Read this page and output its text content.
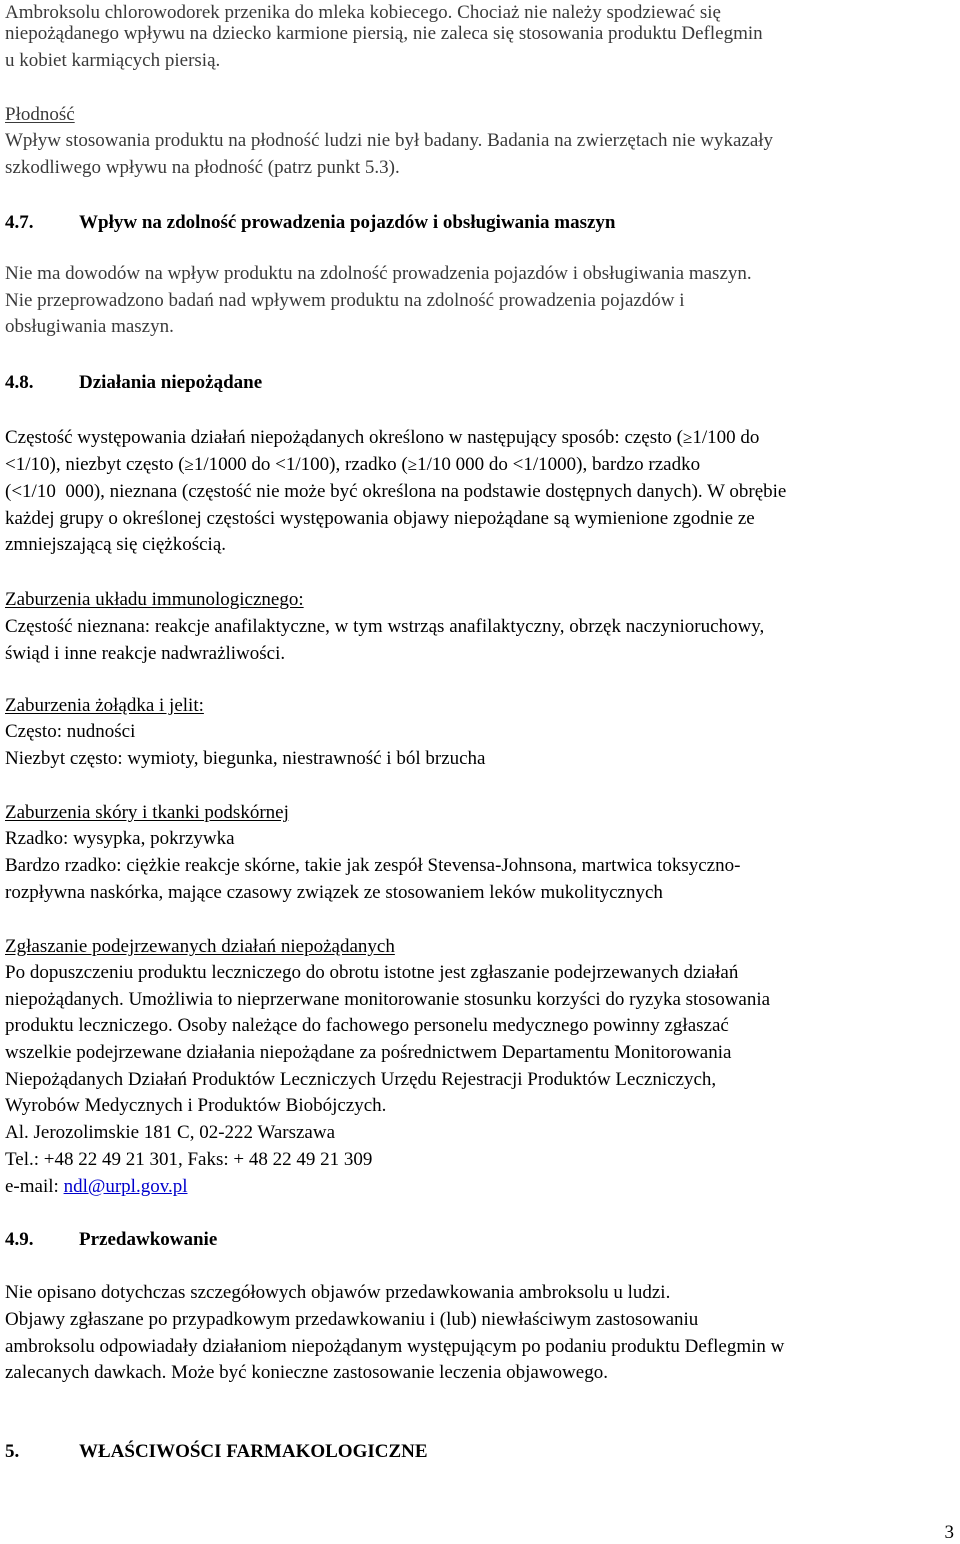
Ambroksolu chlorowodorek przenika do mleka kobiecego. Chociaż nie należy spodziewać się

niepożądanego wpływu na dziecko karmione piersią, nie zaleca się stosowania produktu Deflegmin

u kobiet karmiących piersią.

Płodność

Wpływ stosowania produktu na płodność ludzi nie był badany. Badania na zwierzętach nie wykazały

szkodliwego wpływu na płodność (patrz punkt 5.3).

4.7. Wpływ na zdolność prowadzenia pojazdów i obsługiwania maszyn

Nie ma dowodów na wpływ produktu na zdolność prowadzenia pojazdów i obsługiwania maszyn.

Nie przeprowadzono badań nad wpływem produktu na zdolność prowadzenia pojazdów i

obsługiwania maszyn.

4.8. Działania niepożądane

Częstość występowania działań niepożądanych określono w następujący sposób: często (≥1/100 do

<1/10), niezbyt często (≥1/1000 do <1/100), rzadko (≥1/10 000 do <1/1000), bardzo rzadko

(<1/10  000), nieznana (częstość nie może być określona na podstawie dostępnych danych). W obrębie

każdej grupy o określonej częstości występowania objawy niepożądane są wymienione zgodnie ze

zmniejszającą się ciężkością.

Zaburzenia układu immunologicznego:

Częstość nieznana: reakcje anafilaktyczne, w tym wstrząs anafilaktyczny, obrzęk naczynioruchowy,

świąd i inne reakcje nadwrażliwości.

Zaburzenia żołądka i jelit:

Często: nudności

Niezbyt często: wymioty, biegunka, niestrawność i ból brzucha

Zaburzenia skóry i tkanki podskórnej

Rzadko: wysypka, pokrzywka

Bardzo rzadko: ciężkie reakcje skórne, takie jak zespół Stevensa-Johnsona, martwica toksyczno-

rozpływna naskórka, mające czasowy związek ze stosowaniem leków mukolitycznych

Zgłaszanie podejrzewanych działań niepożądanych

Po dopuszczeniu produktu leczniczego do obrotu istotne jest zgłaszanie podejrzewanych działań

niepożądanych. Umożliwia to nieprzerwane monitorowanie stosunku korzyści do ryzyka stosowania

produktu leczniczego. Osoby należące do fachowego personelu medycznego powinny zgłaszać

wszelkie podejrzewane działania niepożądane za pośrednictwem Departamentu Monitorowania

Niepożądanych Działań Produktów Leczniczych Urzędu Rejestracji Produktów Leczniczych,

Wyrobów Medycznych i Produktów Biobójczych.

Al. Jerozolimskie 181 C, 02-222 Warszawa

Tel.: +48 22 49 21 301, Faks: + 48 22 49 21 309

e-mail: ndl@urpl.gov.pl

4.9. Przedawkowanie

Nie opisano dotychczas szczegółowych objawów przedawkowania ambroksolu u ludzi.

Objawy zgłaszane po przypadkowym przedawkowaniu i (lub) niewłaściwym zastosowaniu

ambroksolu odpowiadały działaniom niepożądanym występującym po podaniu produktu Deflegmin w

zalecanych dawkach. Może być konieczne zastosowanie leczenia objawowego.

5.	WŁAŚCIWOŚCI FARMAKOLOGICZNE
3
